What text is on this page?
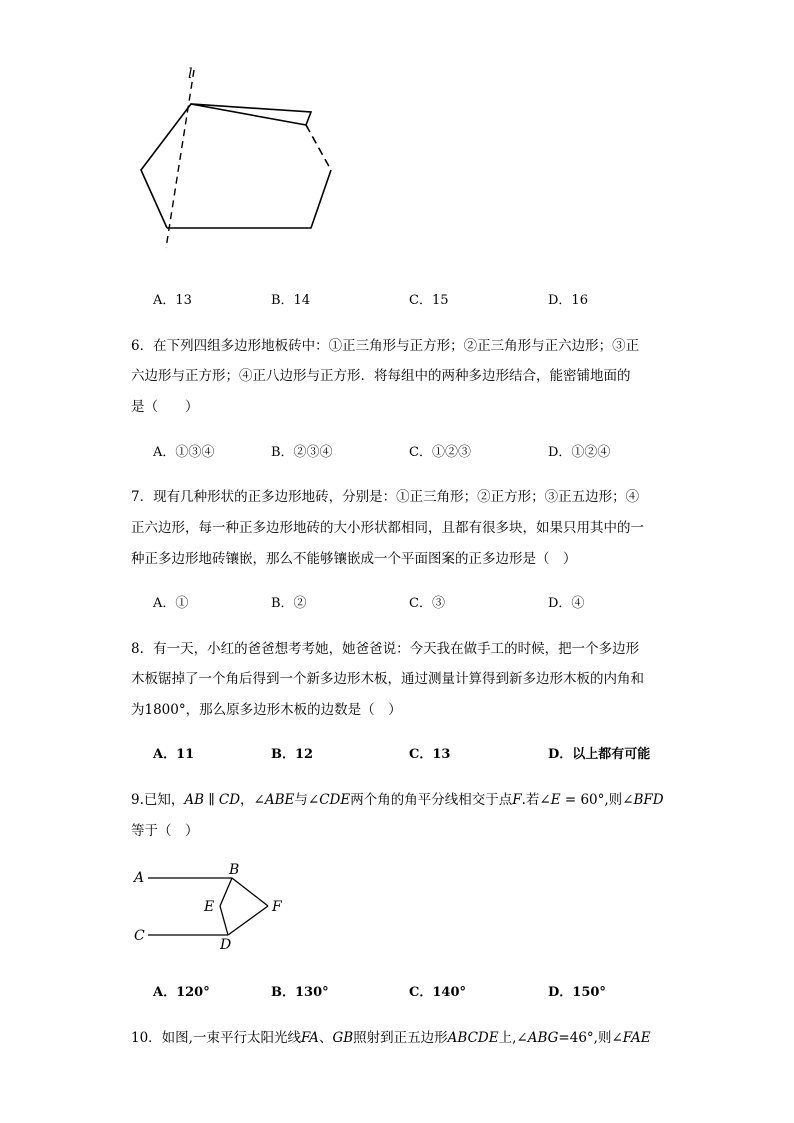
l
A．13	B．14	C．15	D．16
6．在下列四组多边形地板砖中：①正三角形与正方形；②正三角形与正六边形；③正
六边形与正方形；④正八边形与正方形．将每组中的两种多边形结合，能密铺地面的
是（　　）
A．①③④	B．②③④	C．①②③	D．①②④
7．现有几种形状的正多边形地砖，分别是：①正三角形；②正方形；③正五边形；④
正六边形，每一种正多边形地砖的大小形状都相同，且都有很多块，如果只用其中的一
种正多边形地砖镶嵌，那么不能够镶嵌成一个平面图案的正多边形是（　）
A．①	B．②	C．③	D．④
8．有一天，小红的爸爸想考考她，她爸爸说：今天我在做手工的时候，把一个多边形
木板锯掉了一个角后得到一个新多边形木板，通过测量计算得到新多边形木板的内角和
为1800°，那么原多边形木板的边数是（　）
A．11	B．12	C．13	D．以上都有可能
9.已知，AB ∥ CD，∠ABE与∠CDE两个角的角平分线相交于点F.若∠E = 60°,则∠BFD
等于（　）
A	B
C
D
E	F
A．120°	B．130°	C．140°	D．150°
10．如图,一束平行太阳光线FA、GB照射到正五边形ABCDE上,∠ABG=46°,则∠FAE
